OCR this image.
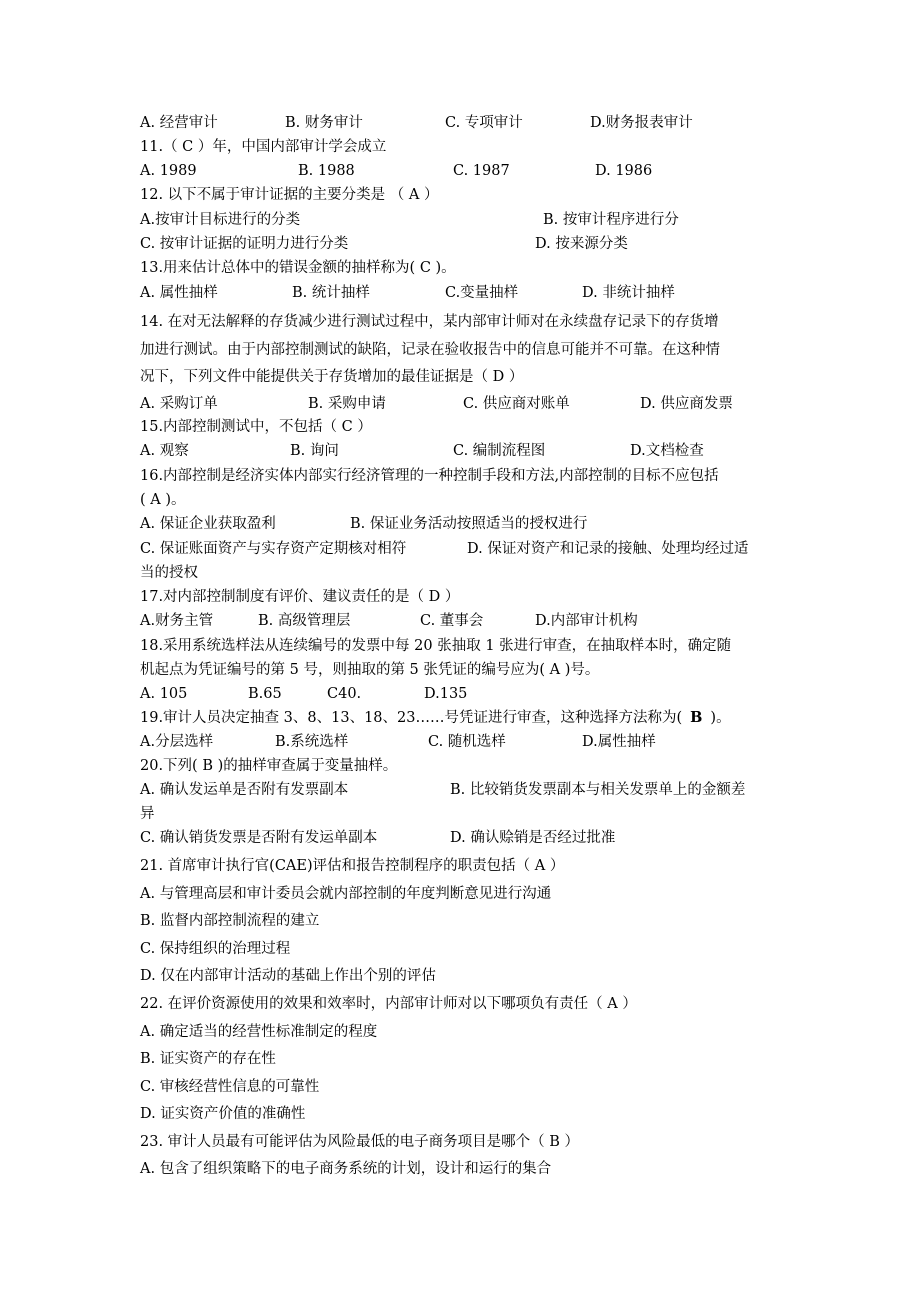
A. 经营审计	B. 财务审计	C. 专项审计	D.财务报表审计
11.（ C ）年，中国内部审计学会成立
A. 1989	B. 1988	C. 1987	D. 1986
12. 以下不属于审计证据的主要分类是 （ A ）
A.按审计目标进行的分类	B. 按审计程序进行分
C. 按审计证据的证明力进行分类	D. 按来源分类
13.用来估计总体中的错误金额的抽样称为( C )。
A. 属性抽样	B. 统计抽样	C.变量抽样	D. 非统计抽样
14. 在对无法解释的存货减少进行测试过程中，某内部审计师对在永续盘存记录下的存货增
加进行测试。由于内部控制测试的缺陷，记录在验收报告中的信息可能并不可靠。在这种情
况下，下列文件中能提供关于存货增加的最佳证据是（ D ）
A. 采购订单	B. 采购申请	C. 供应商对账单	D. 供应商发票
15.内部控制测试中，不包括（ C ）
A. 观察	B. 询问	C. 编制流程图	D.文档检查
16.内部控制是经济实体内部实行经济管理的一种控制手段和方法,内部控制的目标不应包括
( A )。
A. 保证企业获取盈利	B. 保证业务活动按照适当的授权进行
C. 保证账面资产与实存资产定期核对相符	D. 保证对资产和记录的接触、处理均经过适
当的授权
17.对内部控制制度有评价、建议责任的是（ D ）
A.财务主管	B. 高级管理层	C. 董事会	D.内部审计机构
18.采用系统选样法从连续编号的发票中每 20 张抽取 1 张进行审查，在抽取样本时，确定随
机起点为凭证编号的第 5 号，则抽取的第 5 张凭证的编号应为( A )号。
A. 105	B.65	C40.	D.135
19.审计人员决定抽查 3、8、13、18、23……号凭证进行审查，这种选择方法称为( B )。
A.分层选样	B.系统选样	C. 随机选样	D.属性抽样
20.下列( B )的抽样审查属于变量抽样。
A. 确认发运单是否附有发票副本	B. 比较销货发票副本与相关发票单上的金额差
异
C. 确认销货发票是否附有发运单副本	D. 确认赊销是否经过批准
21. 首席审计执行官(CAE)评估和报告控制程序的职责包括（ A ）
A. 与管理高层和审计委员会就内部控制的年度判断意见进行沟通
B. 监督内部控制流程的建立
C. 保持组织的治理过程
D. 仅在内部审计活动的基础上作出个别的评估
22. 在评价资源使用的效果和效率时，内部审计师对以下哪项负有责任（ A ）
A. 确定适当的经营性标准制定的程度
B. 证实资产的存在性
C. 审核经营性信息的可靠性
D. 证实资产价值的准确性
23. 审计人员最有可能评估为风险最低的电子商务项目是哪个（ B ）
A. 包含了组织策略下的电子商务系统的计划，设计和运行的集合
